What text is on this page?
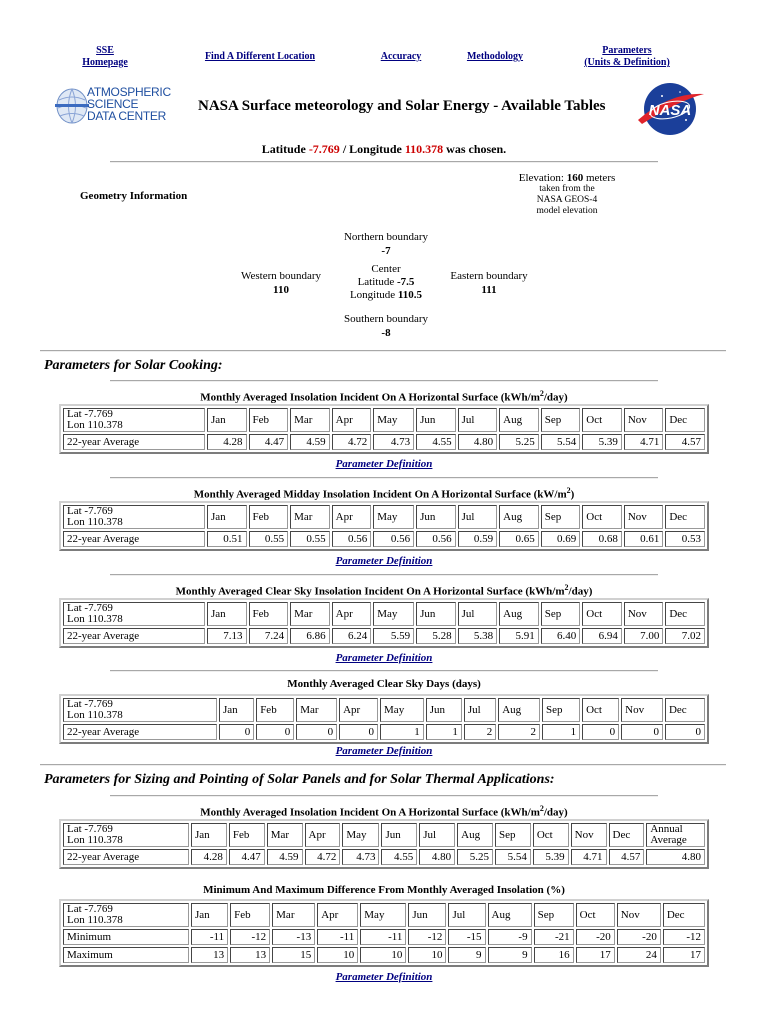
SSE
Homepage
Find A Different Location	Accuracy	Methodology
Parameters
(Units & Definition)
ATMOSPHERIC
SCIENCE
DATA CENTER
NASA Surface meteorology and Solar Energy - Available Tables	NASA
Latitude -7.769 / Longitude 110.378 was chosen.
Geometry Information
Elevation: 160 meters
taken from the
NASA GEOS-4
model elevation
Northern boundary
-7
Western boundary
110
Center
Latitude -7.5
Longitude 110.5
Eastern boundary
111
Southern boundary
-8
Parameters for Solar Cooking:
Monthly Averaged Insolation Incident On A Horizontal Surface $(kWh/m^2/day)$
Lat -7.769
Lon 110.378	Jan	Feb	Mar	Apr	May	Jun	Jul	Aug	Sep	Oct	Nov	Dec
22-year Average	4.28	4.47	4.59	4.72	4.73	4.55	4.80	5.25	5.54	5.39	4.71	4.57
Parameter Definition
Monthly Averaged Midday Insolation Incident On A Horizontal Surface $(kW/m^2)$
Lat -7.769
Lon 110.378	Jan	Feb	Mar	Apr	May	Jun	Jul	Aug	Sep	Oct	Nov	Dec
22-year Average	0.51	0.55	0.55	0.56	0.56	0.56	0.59	0.65	0.69	0.68	0.61	0.53
Parameter Definition
Monthly Averaged Clear Sky Insolation Incident On A Horizontal Surface $(kWh/m^2/day)$
Lat -7.769
Lon 110.378	Jan	Feb	Mar	Apr	May	Jun	Jul	Aug	Sep	Oct	Nov	Dec
22-year Average	7.13	7.24	6.86	6.24	5.59	5.28	5.38	5.91	6.40	6.94	7.00	7.02
Parameter Definition
Monthly Averaged Clear Sky Days (days)
Lat -7.769
Lon 110.378	Jan	Feb	Mar	Apr	May	Jun	Jul	Aug	Sep	Oct	Nov	Dec
22-year Average	0	0	0	0	1	1	2	2	1	0	0	0
Parameter Definition
Parameters for Sizing and Pointing of Solar Panels and for Solar Thermal Applications:
Monthly Averaged Insolation Incident On A Horizontal Surface $(kWh/m^2/day)$
Lat -7.769
Lon 110.378	Jan	Feb	Mar	Apr	May	Jun	Jul	Aug	Sep	Oct	Nov	Dec	Annual
Average
22-year Average	4.28	4.47	4.59	4.72	4.73	4.55	4.80	5.25	5.54	5.39	4.71	4.57	4.80
Minimum And Maximum Difference From Monthly Averaged Insolation (%)
Lat -7.769
Lon 110.378	Jan	Feb	Mar	Apr	May	Jun	Jul	Aug	Sep	Oct	Nov	Dec
Minimum	-11	-12	-13	-11	-11	-12	-15	-9	-21	-20	-20	-12
Maximum	13	13	15	10	10	10	9	9	16	17	24	17
Parameter Definition
